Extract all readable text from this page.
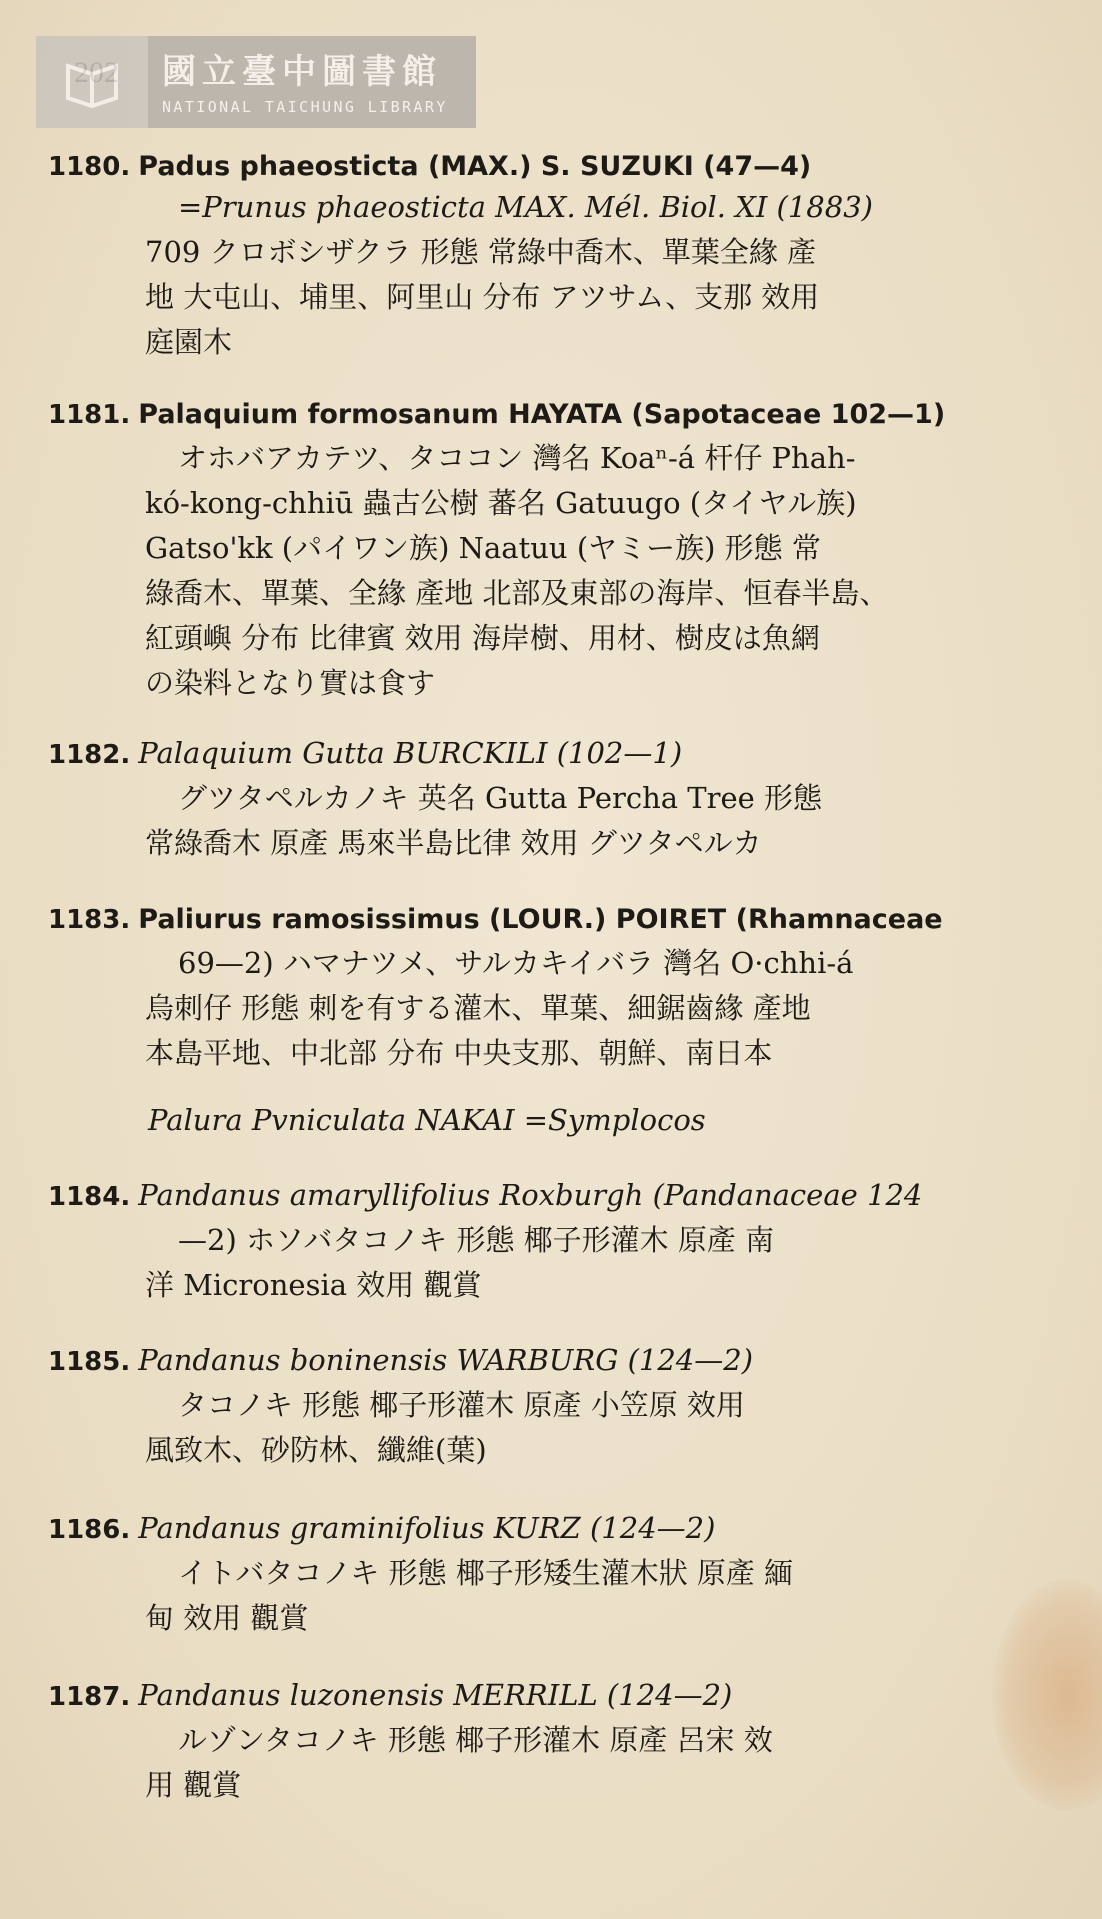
國立臺中圖書館
NATIONAL TAICHUNG LIBRARY
1180. Padus phaeosticta (MAX.) S. SUZUKI (47—4)
=Prunus phaeosticta MAX. Mél. Biol. XI (1883)
709 クロボシザクラ 形態 常綠中喬木、單葉全緣 產
地 大屯山、埔里、阿里山 分布 アツサム、支那 效用
庭園木
1181. Palaquium formosanum HAYATA (Sapotaceae 102—1)
オホバアカテツ、タココン 灣名 Koaⁿ-á 杆仔 Phah-
kó-kong-chhiū 蟲古公樹 蕃名 Gatuugo (タイヤル族)
Gatso'kk (パイワン族) Naatuu (ヤミー族) 形態 常
綠喬木、單葉、全緣 產地 北部及東部の海岸、恒春半島、
紅頭嶼 分布 比律賓 效用 海岸樹、用材、樹皮は魚網
の染料となり實は食す
1182. Palaquium Gutta BURCKILI (102—1)
グツタペルカノキ 英名 Gutta Percha Tree 形態
常綠喬木 原產 馬來半島比律 效用 グツタペルカ
1183. Paliurus ramosissimus (LOUR.) POIRET (Rhamnaceae
69—2) ハマナツメ、サルカキイバラ 灣名 O·chhi-á
烏刺仔 形態 刺を有する灌木、單葉、細鋸齒緣 產地
本島平地、中北部 分布 中央支那、朝鮮、南日本
Palura Pvniculata NAKAI =Symplocos
1184. Pandanus amaryllifolius Roxburgh (Pandanaceae 124
—2) ホソバタコノキ 形態 椰子形灌木 原產 南
洋 Micronesia 效用 觀賞
1185. Pandanus boninensis WARBURG (124—2)
タコノキ 形態 椰子形灌木 原產 小笠原 效用
風致木、砂防林、纖維(葉)
1186. Pandanus graminifolius KURZ (124—2)
イトバタコノキ 形態 椰子形矮生灌木狀 原產 緬
甸 效用 觀賞
1187. Pandanus luzonensis MERRILL (124—2)
ルゾンタコノキ 形態 椰子形灌木 原產 呂宋 效
用 觀賞
